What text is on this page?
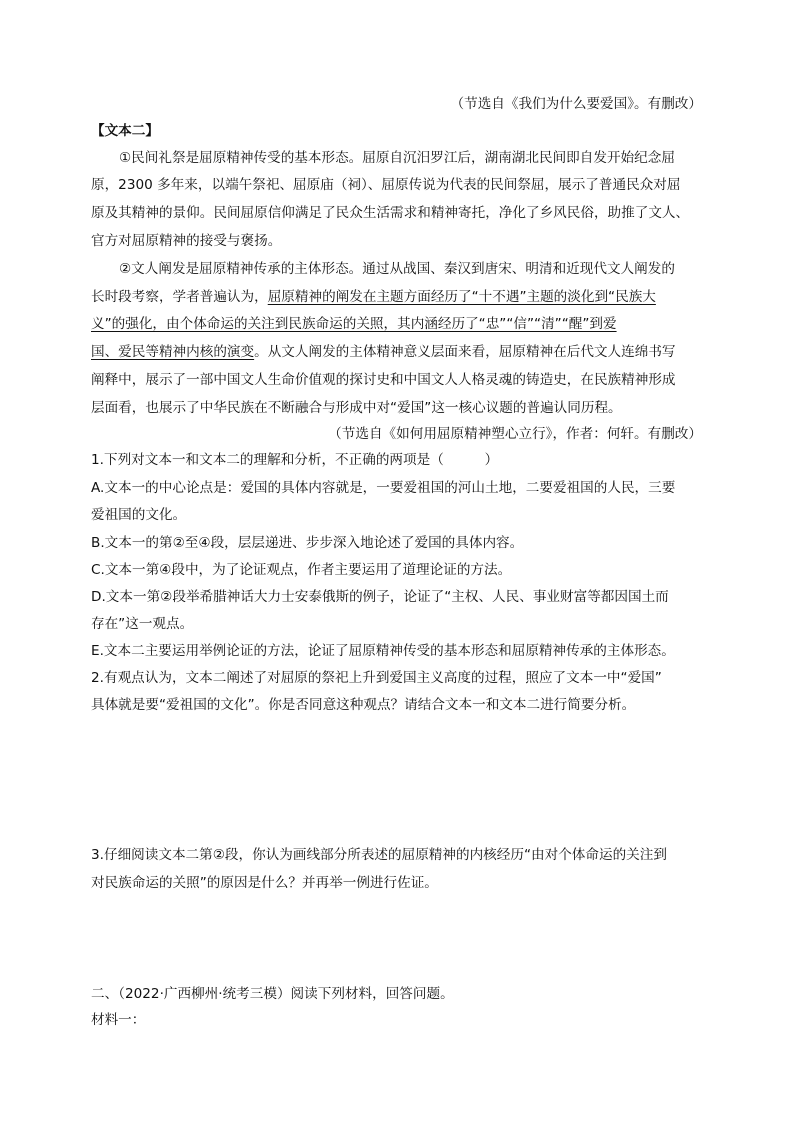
（节选自《我们为什么要爱国》。有删改）
【文本二】
①民间礼祭是屈原精神传受的基本形态。屈原自沉汨罗江后，湖南湖北民间即自发开始纪念屈
原，2300 多年来，以端午祭祀、屈原庙（祠）、屈原传说为代表的民间祭屈，展示了普通民众对屈
原及其精神的景仰。民间屈原信仰满足了民众生活需求和精神寄托，净化了乡风民俗，助推了文人、
官方对屈原精神的接受与褒扬。
②文人阐发是屈原精神传承的主体形态。通过从战国、秦汉到唐宋、明清和近现代文人阐发的
长时段考察，学者普遍认为，屈原精神的阐发在主题方面经历了“十不遇”主题的淡化到“民族大
义”的强化，由个体命运的关注到民族命运的关照，其内涵经历了“忠”“信”“清”“醒”到爱
国、爱民等精神内核的演变。从文人阐发的主体精神意义层面来看，屈原精神在后代文人连绵书写
阐释中，展示了一部中国文人生命价值观的探讨史和中国文人人格灵魂的铸造史，在民族精神形成
层面看，也展示了中华民族在不断融合与形成中对“爱国”这一核心议题的普遍认同历程。
（节选自《如何用屈原精神塑心立行》，作者：何轩。有删改）
1.下列对文本一和文本二的理解和分析，不正确的两项是（　　　）
A.文本一的中心论点是：爱国的具体内容就是，一要爱祖国的河山土地，二要爱祖国的人民，三要
爱祖国的文化。
B.文本一的第②至④段，层层递进、步步深入地论述了爱国的具体内容。
C.文本一第④段中，为了论证观点，作者主要运用了道理论证的方法。
D.文本一第②段举希腊神话大力士安泰俄斯的例子，论证了“主权、人民、事业财富等都因国土而
存在”这一观点。
E.文本二主要运用举例论证的方法，论证了屈原精神传受的基本形态和屈原精神传承的主体形态。
2.有观点认为，文本二阐述了对屈原的祭祀上升到爱国主义高度的过程，照应了文本一中“爱国”
具体就是要“爱祖国的文化”。你是否同意这种观点？请结合文本一和文本二进行简要分析。
3.仔细阅读文本二第②段，你认为画线部分所表述的屈原精神的内核经历“由对个体命运的关注到
对民族命运的关照”的原因是什么？并再举一例进行佐证。
二、（2022·广西柳州·统考三模）阅读下列材料，回答问题。
材料一：
